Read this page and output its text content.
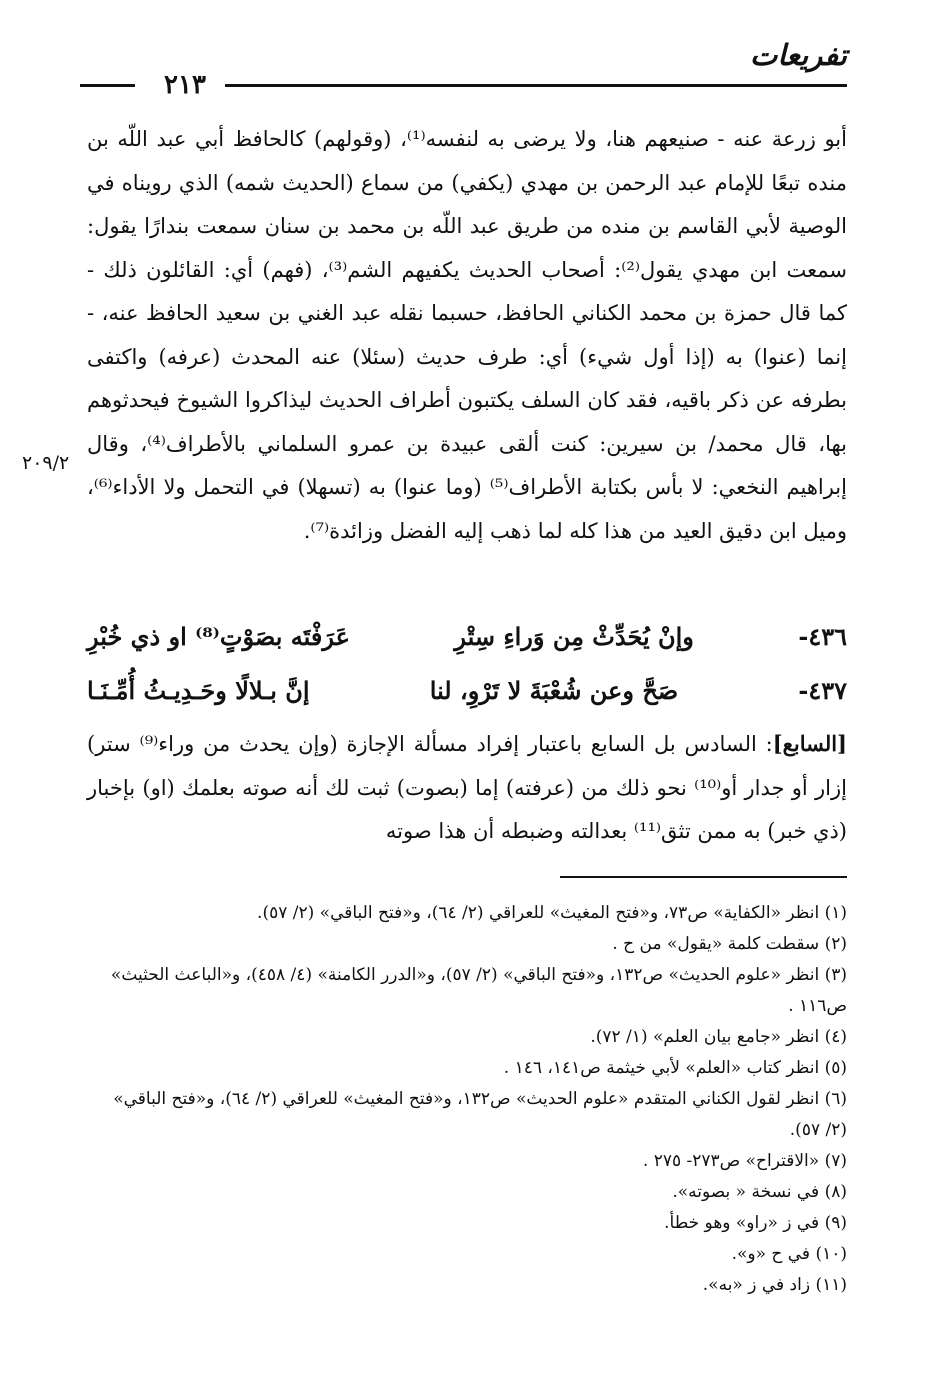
تفريعات
٢١٣
٢٠٩/٢

أبو زرعة عنه - صنيعهم هنا، ولا يرضى به لنفسه⁽¹⁾، (وقولهم) كالحافظ أبي عبد اللّه بن منده تبعًا للإمام عبد الرحمن بن مهدي (يكفي) من سماع (الحديث شمه) الذي رويناه في الوصية لأبي القاسم بن منده من طريق عبد اللّه بن محمد بن سنان سمعت بندارًا يقول: سمعت ابن مهدي يقول⁽²⁾: أصحاب الحديث يكفيهم الشم⁽³⁾، (فهم) أي: القائلون ذلك - كما قال حمزة بن محمد الكناني الحافظ، حسبما نقله عبد الغني بن سعيد الحافظ عنه، - إنما (عنوا) به (إذا أول شيء) أي: طرف حديث (سئلا) عنه المحدث (عرفه) واكتفى بطرفه عن ذكر باقيه، فقد كان السلف يكتبون أطراف الحديث ليذاكروا الشيوخ فيحدثوهم بها، قال محمد/ بن سيرين: كنت ألقى عبيدة بن عمرو السلماني بالأطراف⁽⁴⁾، وقال إبراهيم النخعي: لا بأس بكتابة الأطراف⁽⁵⁾ (وما عنوا) به (تسهلا) في التحمل ولا الأداء⁽⁶⁾، وميل ابن دقيق العيد من هذا كله لما ذهب إليه الفضل وزائدة⁽⁷⁾.

٤٣٦-
وإنْ يُحَدِّثْ مِن وَراءِ سِتْرِ
عَرَفْتَه بصَوْتٍ⁽⁸⁾ او ذي خُبْرِ
٤٣٧-
صَحَّ وعن شُعْبَةَ لا تَرْوِ، لنا
إنَّ بـلالًا وحَـدِيـثُ أُمِّـنَـا

[السابع]: السادس بل السابع باعتبار إفراد مسألة الإجازة (وإن يحدث من وراء⁽⁹⁾ ستر) إزار أو جدار أو⁽¹⁰⁾ نحو ذلك من (عرفته) إما (بصوت) ثبت لك أنه صوته بعلمك (او) بإخبار (ذي خبر) به ممن تثق⁽¹¹⁾ بعدالته وضبطه أن هذا صوته

(١) انظر «الكفاية» ص٧٣، و«فتح المغيث» للعراقي (٢/ ٦٤)، و«فتح الباقي» (٢/ ٥٧).

(٢) سقطت كلمة «يقول» من ح .

(٣) انظر «علوم الحديث» ص١٣٢، و«فتح الباقي» (٢/ ٥٧)، و«الدرر الكامنة» (٤/ ٤٥٨)، و«الباعث الحثيث» ص١١٦ .

(٤) انظر «جامع بيان العلم» (١/ ٧٢).

(٥) انظر كتاب «العلم» لأبي خيثمة ص١٤١، ١٤٦ .

(٦) انظر لقول الكناني المتقدم «علوم الحديث» ص١٣٢، و«فتح المغيث» للعراقي (٢/ ٦٤)، و«فتح الباقي» (٢/ ٥٧).

(٧) «الاقتراح» ص٢٧٣- ٢٧٥ .

(٨) في نسخة « بصوته».

(٩) في ز «راو» وهو خطأ.

(١٠) في ح «و».

(١١) زاد في ز «به».
